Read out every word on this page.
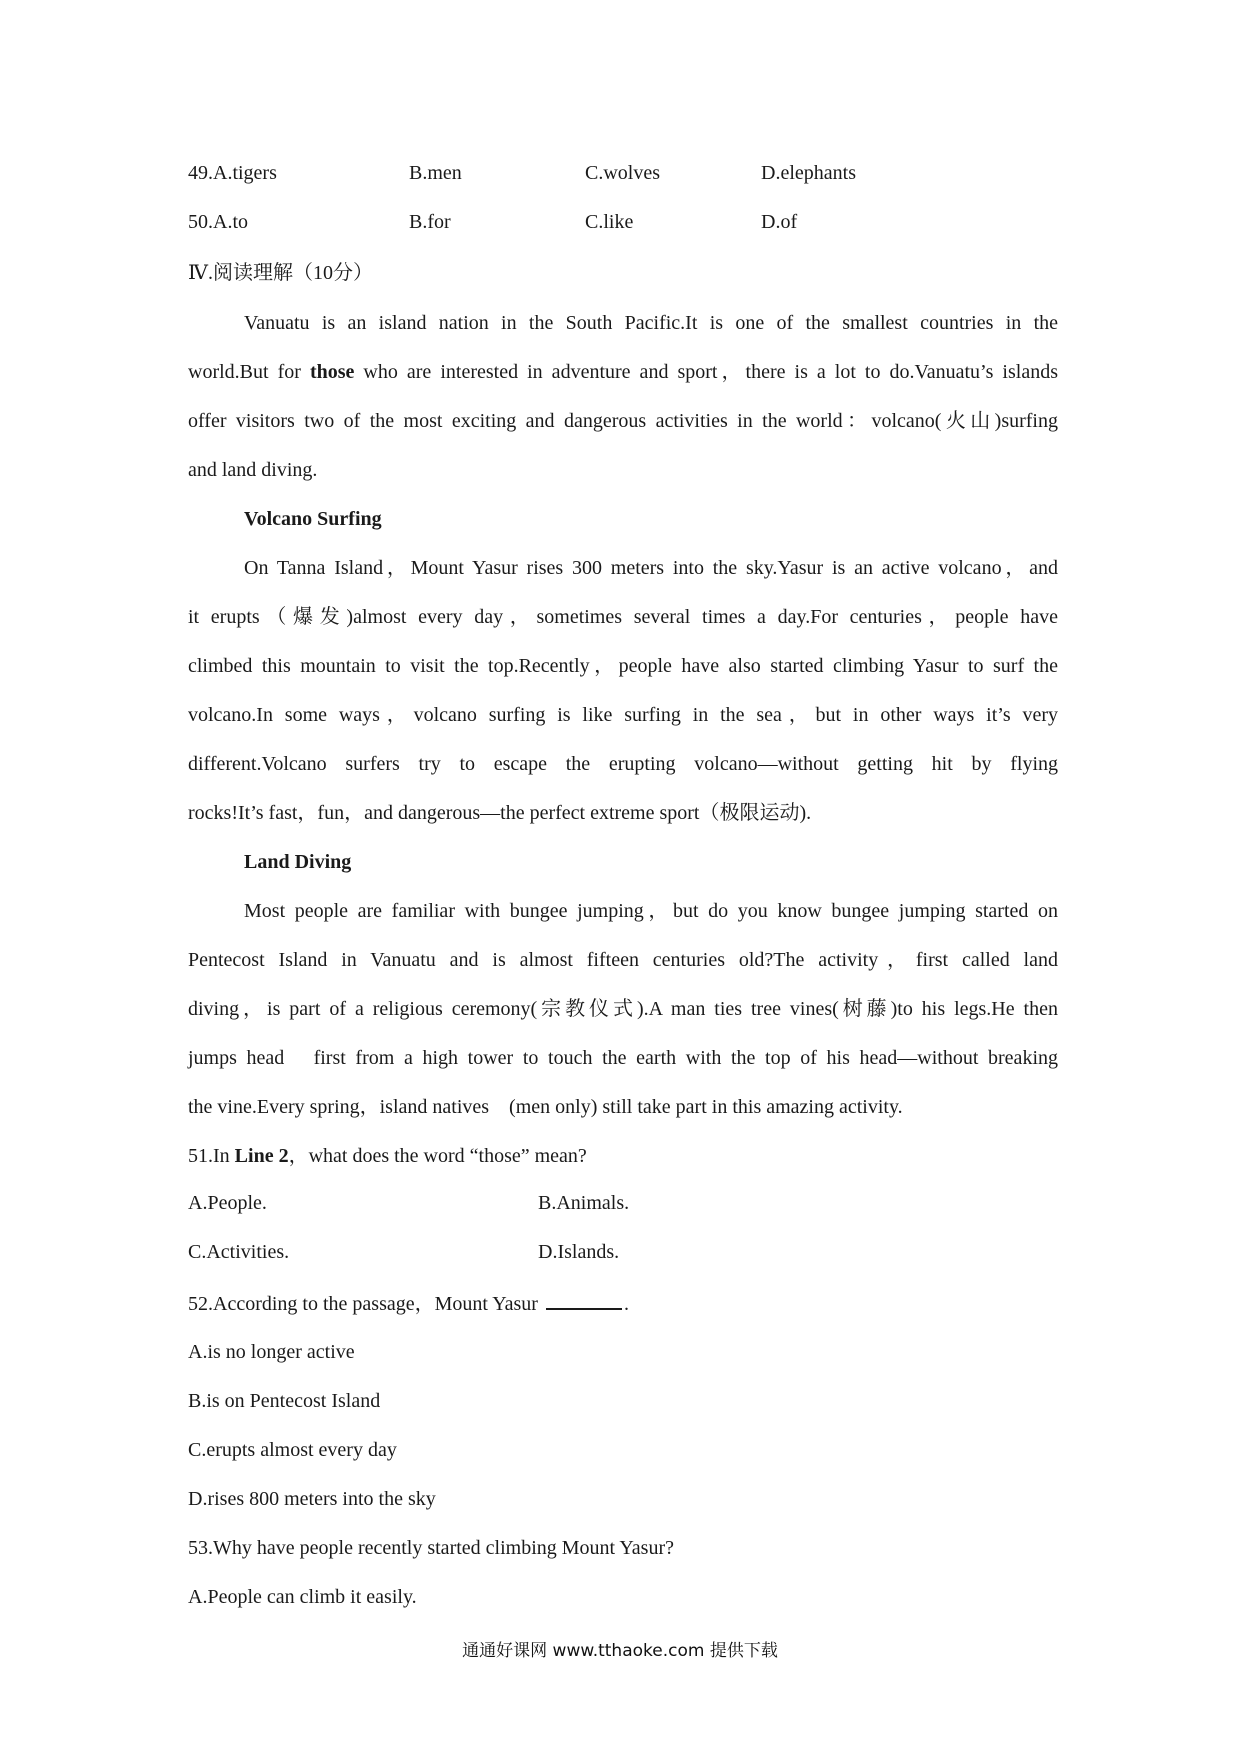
49.A.tigers	B.men	C.wolves	D.elephants
50.A.to	B.for	C.like	D.of
Ⅳ.阅读理解（10分）
Vanuatu is an island nation in the South Pacific.It is one of the smallest countries in the
world.But for those who are interested in adventure and sport，there is a lot to do.Vanuatu’s islands
offer visitors two of the most exciting and dangerous activities in the world：volcano(火山)surfing
and land diving.
Volcano Surfing
On Tanna Island，Mount Yasur rises 300 meters into the sky.Yasur is an active volcano，and
it erupts（爆发)almost every day，sometimes several times a day.For centuries，people have
climbed this mountain to visit the top.Recently，people have also started climbing Yasur to surf the
volcano.In some ways，volcano surfing is like surfing in the sea，but in other ways it’s very
different.Volcano surfers try to escape the erupting volcano—without getting hit by flying
rocks!It’s fast，fun，and dangerous—the perfect extreme sport（极限运动).
Land Diving
Most people are familiar with bungee jumping，but do you know bungee jumping started on
Pentecost Island in Vanuatu and is almost fifteen centuries old?The activity，first called land
diving，is part of a religious ceremony(宗教仪式).A man ties tree vines(树藤)to his legs.He then
jumps head　first from a high tower to touch the earth with the top of his head—without breaking
the vine.Every spring，island natives　(men only) still take part in this amazing activity.
51.In Line 2，what does the word “those” mean?
A.People.	B.Animals.
C.Activities.	D.Islands.
52.According to the passage，Mount Yasur	.
A.is no longer active
B.is on Pentecost Island
C.erupts almost every day
D.rises 800 meters into the sky
53.Why have people recently started climbing Mount Yasur?
A.People can climb it easily.
通通好课网 www.tthaoke.com 提供下载
